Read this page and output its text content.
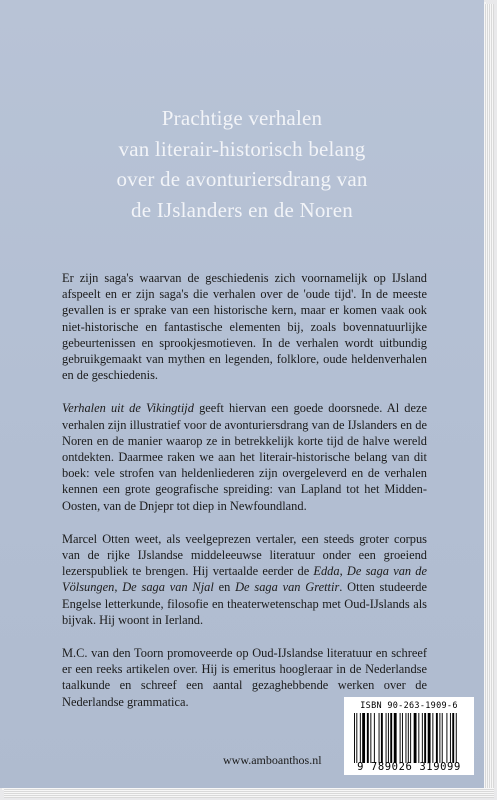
Prachtige verhalen
van literair-historisch belang
over de avonturiersdrang van
de IJslanders en de Noren

Er zijn saga's waarvan de geschiedenis zich voornamelijk op IJsland afspeelt en er zijn saga's die verhalen over de 'oude tijd'. In de meeste gevallen is er sprake van een historische kern, maar er komen vaak ook niet-historische en fantastische elementen bij, zoals bovennatuurlijke gebeurtenissen en sprookjesmotieven. In de verhalen wordt uitbundig gebruikgemaakt van mythen en legenden, folklore, oude heldenverhalen en de geschiedenis.

Verhalen uit de Vikingtijd geeft hiervan een goede doorsnede. Al deze verhalen zijn illustratief voor de avonturiersdrang van de IJslanders en de Noren en de manier waarop ze in betrekkelijk korte tijd de halve wereld ontdekten. Daarmee raken we aan het literair-historische belang van dit boek: vele strofen van heldenliederen zijn overgeleverd en de verhalen kennen een grote geografische spreiding: van Lapland tot het Midden-Oosten, van de Dnjepr tot diep in Newfoundland.

Marcel Otten weet, als veelgeprezen vertaler, een steeds groter corpus van de rijke IJslandse middeleeuwse literatuur onder een groeiend lezerspubliek te brengen. Hij vertaalde eerder de Edda, De saga van de Völsungen, De saga van Njal en De saga van Grettir. Otten studeerde Engelse letterkunde, filosofie en theaterwetenschap met Oud-IJslands als bijvak. Hij woont in Ierland.

M.C. van den Toorn promoveerde op Oud-IJslandse literatuur en schreef er een reeks artikelen over. Hij is emeritus hoogleraar in de Nederlandse taalkunde en schreef een aantal gezaghebbende werken over de Nederlandse grammatica.

www.amboanthos.nl
ISBN 90-263-1909-6
9 789026 319099
